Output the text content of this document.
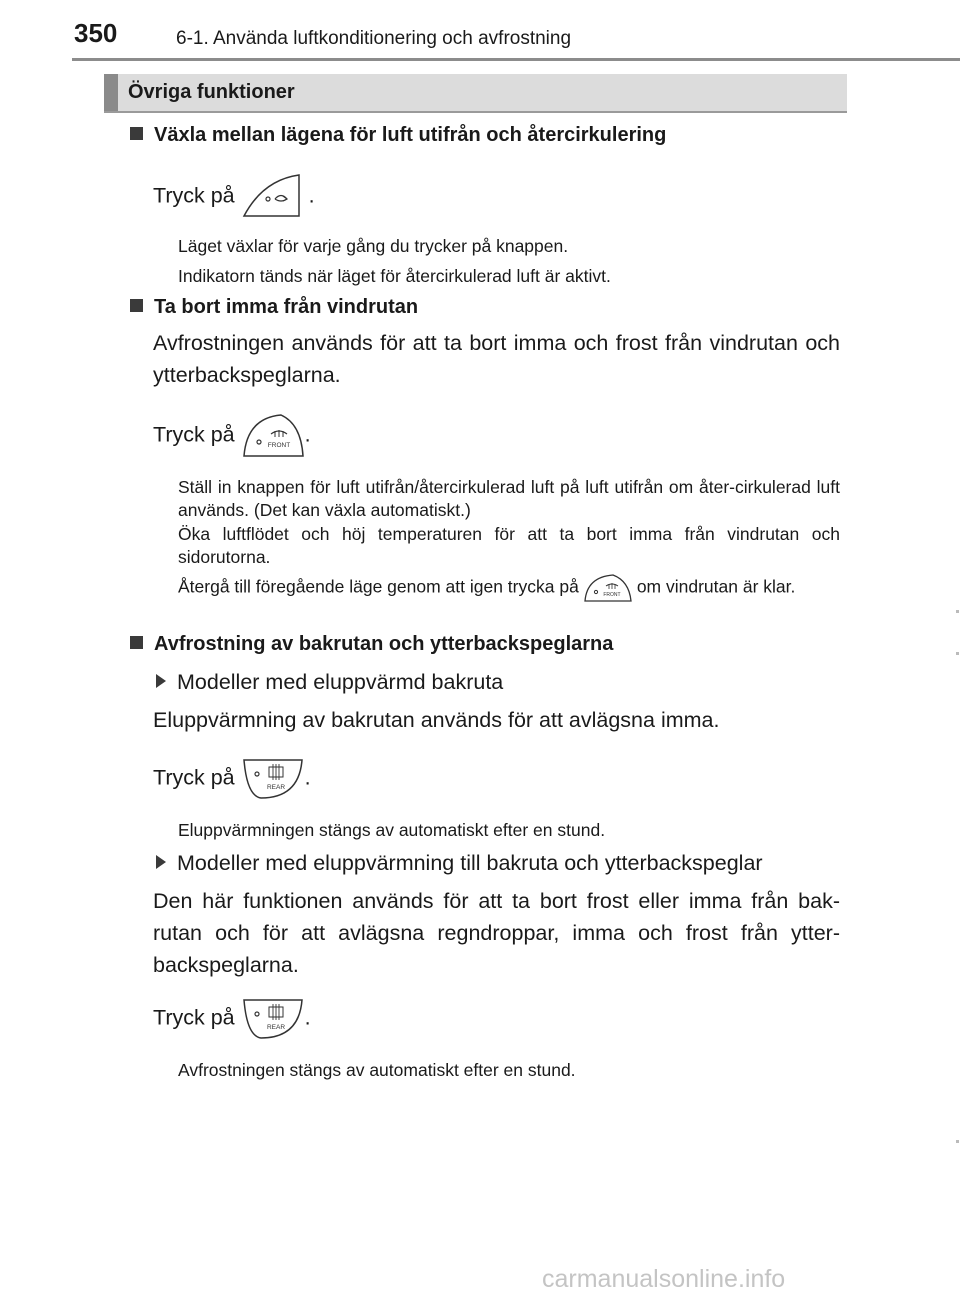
350	6-1. Använda luftkonditionering och avfrostning
Övriga funktioner
Växla mellan lägena för luft utifrån och återcirkulering
Tryck på	.
Läget växlar för varje gång du trycker på knappen.
Indikatorn tänds när läget för återcirkulerad luft är aktivt.
Ta bort imma från vindrutan
Avfrostningen används för att ta bort imma och frost från vindrutan och ytterbackspeglarna.
Tryck på	FRONT .
Ställ in knappen för luft utifrån/återcirkulerad luft på luft utifrån om åter-cirkulerad luft används. (Det kan växla automatiskt.)
Öka luftflödet och höj temperaturen för att ta bort imma från vindrutan och sidorutorna.
Återgå till föregående läge genom att igen trycka på	FRONT om vindrutan är klar.
Avfrostning av bakrutan och ytterbackspeglarna
Modeller med eluppvärmd bakruta
Eluppvärmning av bakrutan används för att avlägsna imma.
Tryck på	REAR .
Eluppvärmningen stängs av automatiskt efter en stund.
Modeller med eluppvärmning till bakruta och ytterbackspeglar
Den här funktionen används för att ta bort frost eller imma från bak-rutan och för att avlägsna regndroppar, imma och frost från ytter-backspeglarna.
Tryck på	REAR .
Avfrostningen stängs av automatiskt efter en stund.
carmanualsonline.info
